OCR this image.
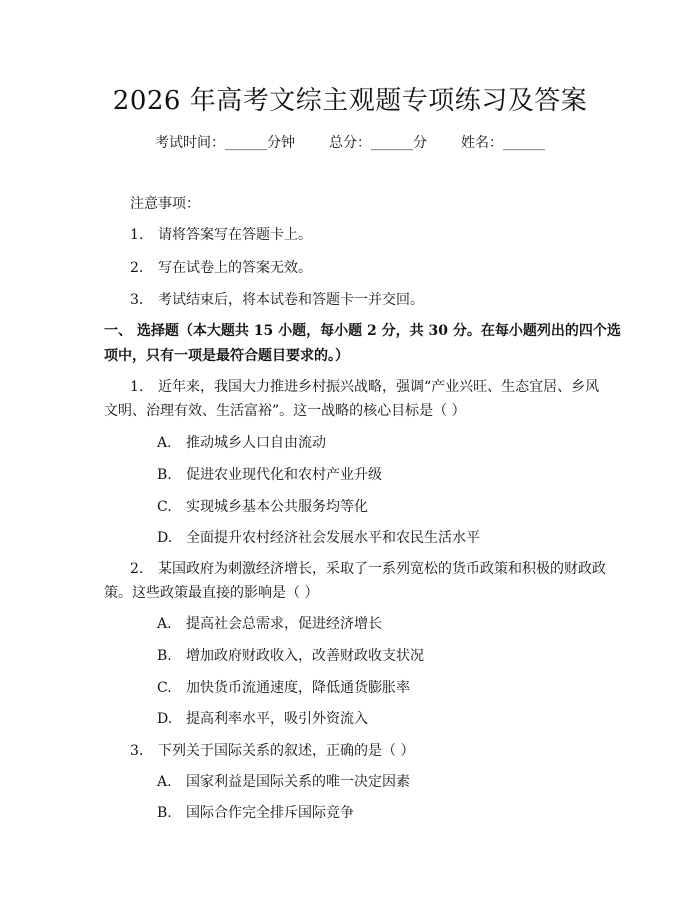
2026 年高考文综主观题专项练习及答案
考试时间：______分钟 总分：______分 姓名：______
注意事项：
1. 请将答案写在答题卡上。
2. 写在试卷上的答案无效。
3. 考试结束后，将本试卷和答题卡一并交回。
一、 选择题（本大题共 15 小题，每小题 2 分，共 30 分。在每小题列出的四个选
项中，只有一项是最符合题目要求的。）
1. 近年来，我国大力推进乡村振兴战略，强调“产业兴旺、生态宜居、乡风
文明、治理有效、生活富裕”。这一战略的核心目标是（ ）
A. 推动城乡人口自由流动
B. 促进农业现代化和农村产业升级
C. 实现城乡基本公共服务均等化
D. 全面提升农村经济社会发展水平和农民生活水平
2. 某国政府为刺激经济增长，采取了一系列宽松的货币政策和积极的财政政
策。这些政策最直接的影响是（ ）
A. 提高社会总需求，促进经济增长
B. 增加政府财政收入，改善财政收支状况
C. 加快货币流通速度，降低通货膨胀率
D. 提高利率水平，吸引外资流入
3. 下列关于国际关系的叙述，正确的是（ ）
A. 国家利益是国际关系的唯一决定因素
B. 国际合作完全排斥国际竞争
